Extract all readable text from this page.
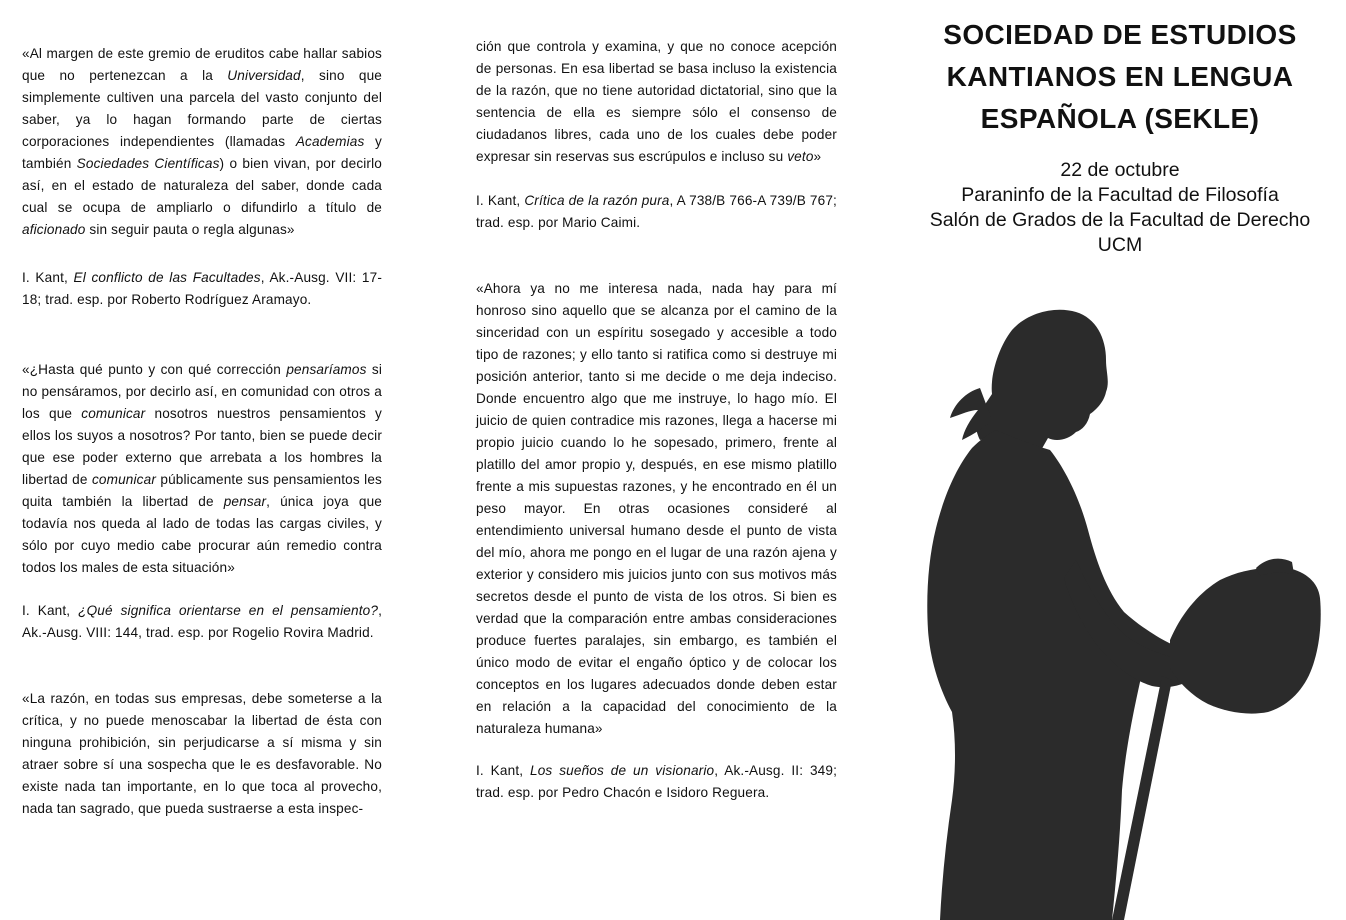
«Al margen de este gremio de eruditos cabe hallar sabios que no pertenezcan a la Universidad, sino que simplemente cultiven una parcela del vasto conjunto del saber, ya lo hagan formando parte de ciertas corporaciones independientes (llamadas Academias y también Sociedades Científicas) o bien vivan, por decirlo así, en el estado de naturaleza del saber, donde cada cual se ocupa de ampliarlo o difundirlo a título de aficionado sin seguir pauta o regla algunas»

I. Kant, El conflicto de las Facultades, Ak.-Ausg. VII: 17-18; trad. esp. por Roberto Rodríguez Aramayo.

«¿Hasta qué punto y con qué corrección pensaríamos si no pensáramos, por decirlo así, en comunidad con otros a los que comunicar nosotros nuestros pensamientos y ellos los suyos a nosotros? Por tanto, bien se puede decir que ese poder externo que arrebata a los hombres la libertad de comunicar públicamente sus pensamientos les quita también la libertad de pensar, única joya que todavía nos queda al lado de todas las cargas civiles, y sólo por cuyo medio cabe procurar aún remedio contra todos los males de esta situación»

I. Kant, ¿Qué significa orientarse en el pensamiento?, Ak.-Ausg. VIII: 144, trad. esp. por Rogelio Rovira Madrid.

«La razón, en todas sus empresas, debe someterse a la crítica, y no puede menoscabar la libertad de ésta con ninguna prohibición, sin perjudicarse a sí misma y sin atraer sobre sí una sospecha que le es desfavorable. No existe nada tan importante, en lo que toca al provecho, nada tan sagrado, que pueda sustraerse a esta inspec-

ción que controla y examina, y que no conoce acepción de personas. En esa libertad se basa incluso la existencia de la razón, que no tiene autoridad dictatorial, sino que la sentencia de ella es siempre sólo el consenso de ciudadanos libres, cada uno de los cuales debe poder expresar sin reservas sus escrúpulos e incluso su veto»

I. Kant, Crítica de la razón pura, A 738/B 766-A 739/B 767; trad. esp. por Mario Caimi.

«Ahora ya no me interesa nada, nada hay para mí honroso sino aquello que se alcanza por el camino de la sinceridad con un espíritu sosegado y accesible a todo tipo de razones; y ello tanto si ratifica como si destruye mi posición anterior, tanto si me decide o me deja indeciso. Donde encuentro algo que me instruye, lo hago mío. El juicio de quien contradice mis razones, llega a hacerse mi propio juicio cuando lo he sopesado, primero, frente al platillo del amor propio y, después, en ese mismo platillo frente a mis supuestas razones, y he encontrado en él un peso mayor. En otras ocasiones consideré al entendimiento universal humano desde el punto de vista del mío, ahora me pongo en el lugar de una razón ajena y exterior y considero mis juicios junto con sus motivos más secretos desde el punto de vista de los otros. Si bien es verdad que la comparación entre ambas consideraciones produce fuertes paralajes, sin embargo, es también el único modo de evitar el engaño óptico y de colocar los conceptos en los lugares adecuados donde deben estar en relación a la capacidad del conocimiento de la naturaleza humana»

I. Kant, Los sueños de un visionario, Ak.-Ausg. II: 349; trad. esp. por Pedro Chacón e Isidoro Reguera.

SOCIEDAD DE ESTUDIOS
KANTIANOS EN LENGUA
ESPAÑOLA (SEKLE)
22 de octubre
Paraninfo de la Facultad de Filosofía
Salón de Grados de la Facultad de Derecho
UCM
